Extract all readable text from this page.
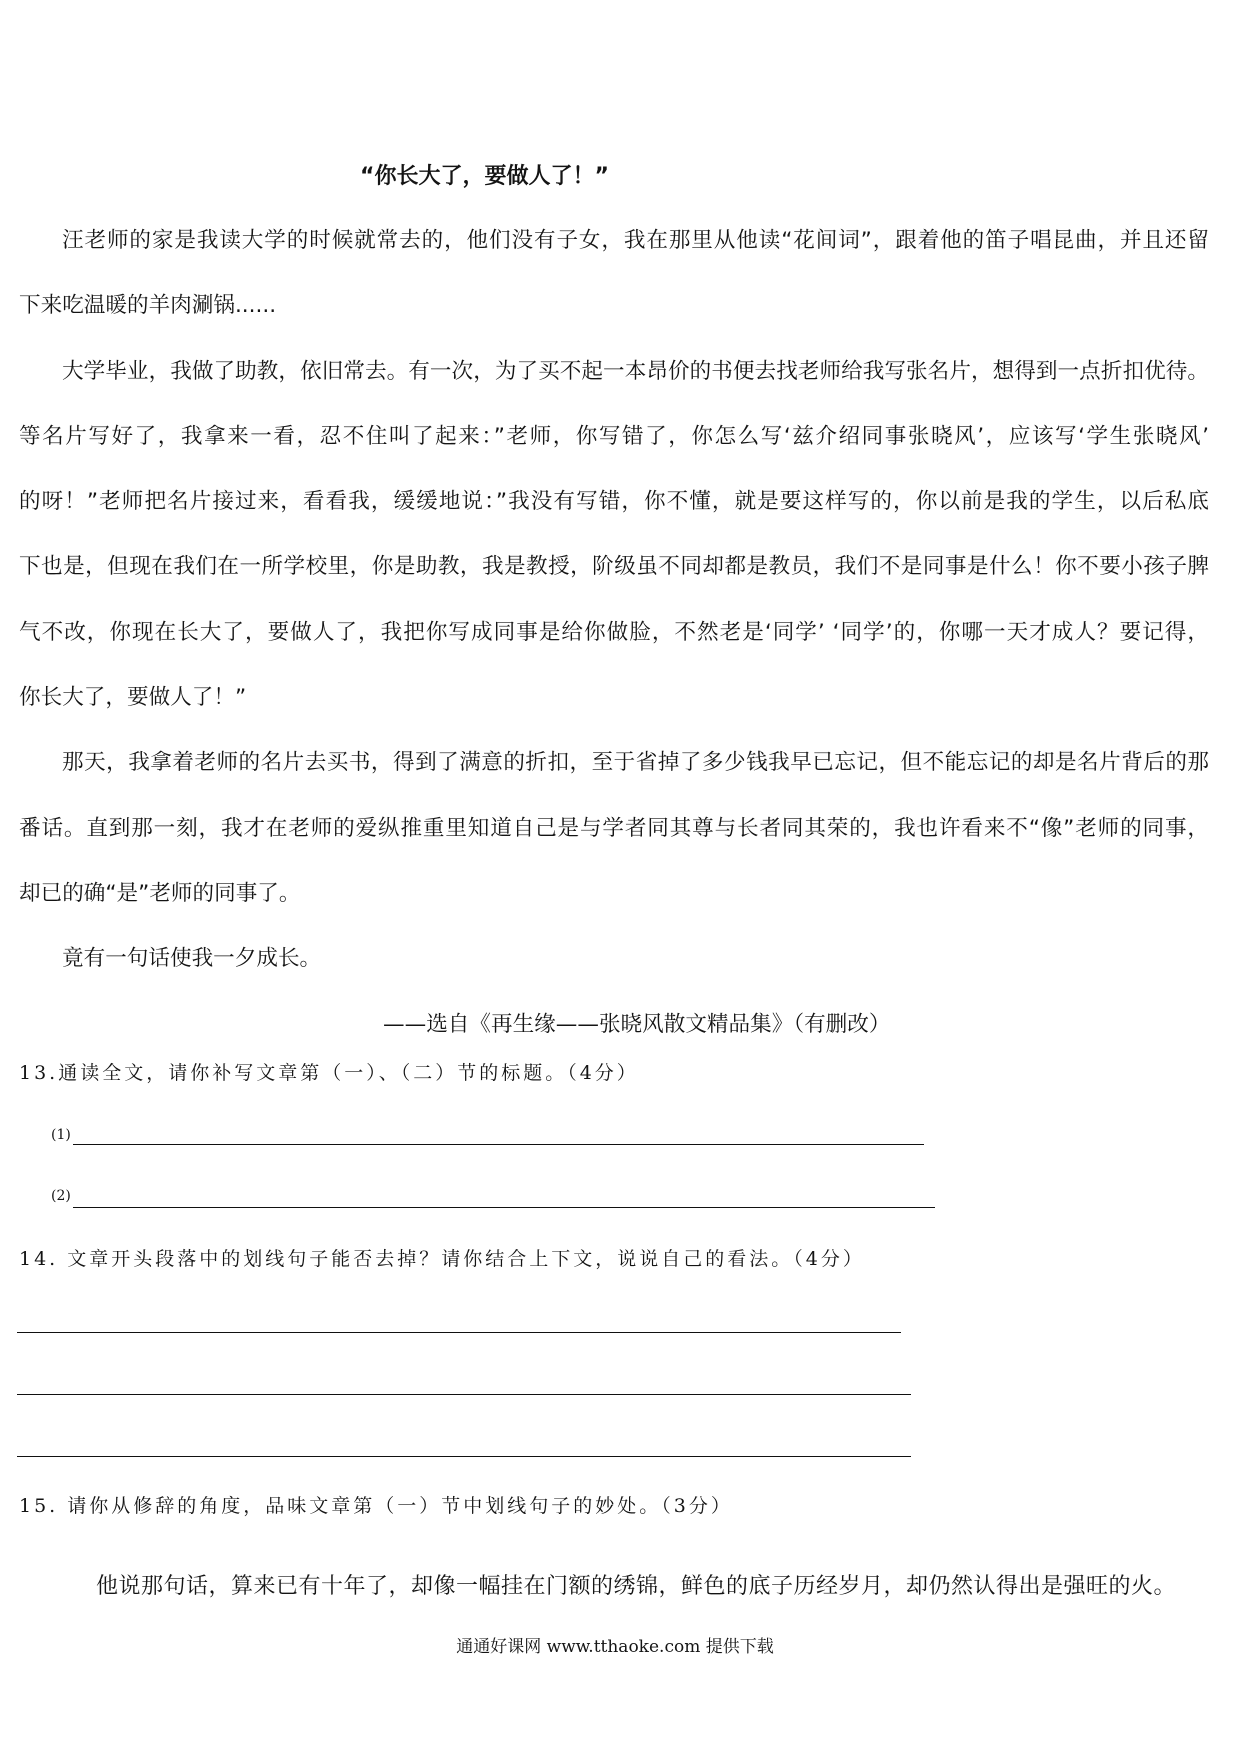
“你长大了，要做人了！”
汪老师的家是我读大学的时候就常去的，他们没有子女，我在那里从他读“花间词”，跟着他的笛子唱昆曲，并且还留
下来吃温暖的羊肉涮锅......
大学毕业，我做了助教，依旧常去。有一次，为了买不起一本昂价的书便去找老师给我写张名片，想得到一点折扣优待。
等名片写好了，我拿来一看，忍不住叫了起来：”老师，你写错了，你怎么写‘兹介绍同事张晓风’，应该写‘学生张晓风’
的呀！”老师把名片接过来，看看我，缓缓地说：”我没有写错，你不懂，就是要这样写的，你以前是我的学生，以后私底
下也是，但现在我们在一所学校里，你是助教，我是教授，阶级虽不同却都是教员，我们不是同事是什么！你不要小孩子脾
气不改，你现在长大了，要做人了，我把你写成同事是给你做脸，不然老是‘同学’ ‘同学’的，你哪一天才成人？要记得，
你长大了，要做人了！”
那天，我拿着老师的名片去买书，得到了满意的折扣，至于省掉了多少钱我早已忘记，但不能忘记的却是名片背后的那
番话。直到那一刻，我才在老师的爱纵推重里知道自己是与学者同其尊与长者同其荣的，我也许看来不“像”老师的同事，
却已的确“是”老师的同事了。
竟有一句话使我一夕成长。
——选自《再生缘——张晓风散文精品集》（有删改）
13.通读全文，请你补写文章第（一）、（二）节的标题。（4分）
(1)
(2)
14. 文章开头段落中的划线句子能否去掉？请你结合上下文，说说自己的看法。（4分）
15. 请你从修辞的角度，品味文章第（一）节中划线句子的妙处。（3分）
他说那句话，算来已有十年了，却像一幅挂在门额的绣锦，鲜色的底子历经岁月，却仍然认得出是强旺的火。
通通好课网 www.tthaoke.com 提供下载
